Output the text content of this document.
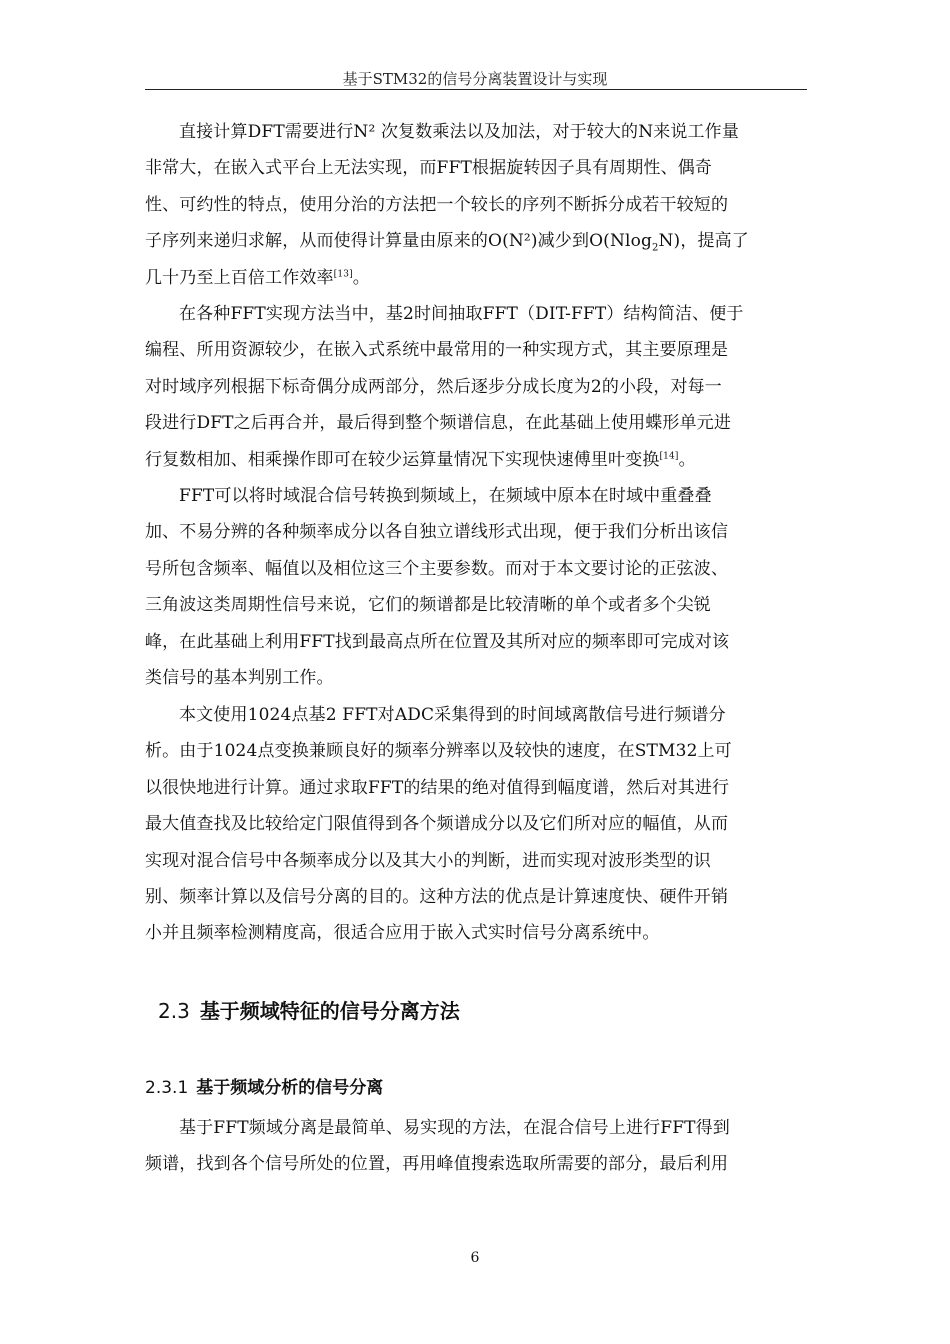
基于STM32的信号分离装置设计与实现
直接计算DFT需要进行N² 次复数乘法以及加法，对于较大的N来说工作量
非常大，在嵌入式平台上无法实现，而FFT根据旋转因子具有周期性、偶奇
性、可约性的特点，使用分治的方法把一个较长的序列不断拆分成若干较短的
子序列来递归求解，从而使得计算量由原来的O(N²)减少到O(Nlog$_2$N)，提高了
几十乃至上百倍工作效率[13]。
在各种FFT实现方法当中，基2时间抽取FFT（DIT-FFT）结构简洁、便于
编程、所用资源较少，在嵌入式系统中最常用的一种实现方式，其主要原理是
对时域序列根据下标奇偶分成两部分，然后逐步分成长度为2的小段，对每一
段进行DFT之后再合并，最后得到整个频谱信息，在此基础上使用蝶形单元进
行复数相加、相乘操作即可在较少运算量情况下实现快速傅里叶变换[14]。
FFT可以将时域混合信号转换到频域上，在频域中原本在时域中重叠叠
加、不易分辨的各种频率成分以各自独立谱线形式出现，便于我们分析出该信
号所包含频率、幅值以及相位这三个主要参数。而对于本文要讨论的正弦波、
三角波这类周期性信号来说，它们的频谱都是比较清晰的单个或者多个尖锐
峰，在此基础上利用FFT找到最高点所在位置及其所对应的频率即可完成对该
类信号的基本判别工作。
本文使用1024点基2 FFT对ADC采集得到的时间域离散信号进行频谱分
析。由于1024点变换兼顾良好的频率分辨率以及较快的速度，在STM32上可
以很快地进行计算。通过求取FFT的结果的绝对值得到幅度谱，然后对其进行
最大值查找及比较给定门限值得到各个频谱成分以及它们所对应的幅值，从而
实现对混合信号中各频率成分以及其大小的判断，进而实现对波形类型的识
别、频率计算以及信号分离的目的。这种方法的优点是计算速度快、硬件开销
小并且频率检测精度高，很适合应用于嵌入式实时信号分离系统中。
2.3 基于频域特征的信号分离方法
2.3.1 基于频域分析的信号分离
基于FFT频域分离是最简单、易实现的方法，在混合信号上进行FFT得到
频谱，找到各个信号所处的位置，再用峰值搜索选取所需要的部分，最后利用
6
